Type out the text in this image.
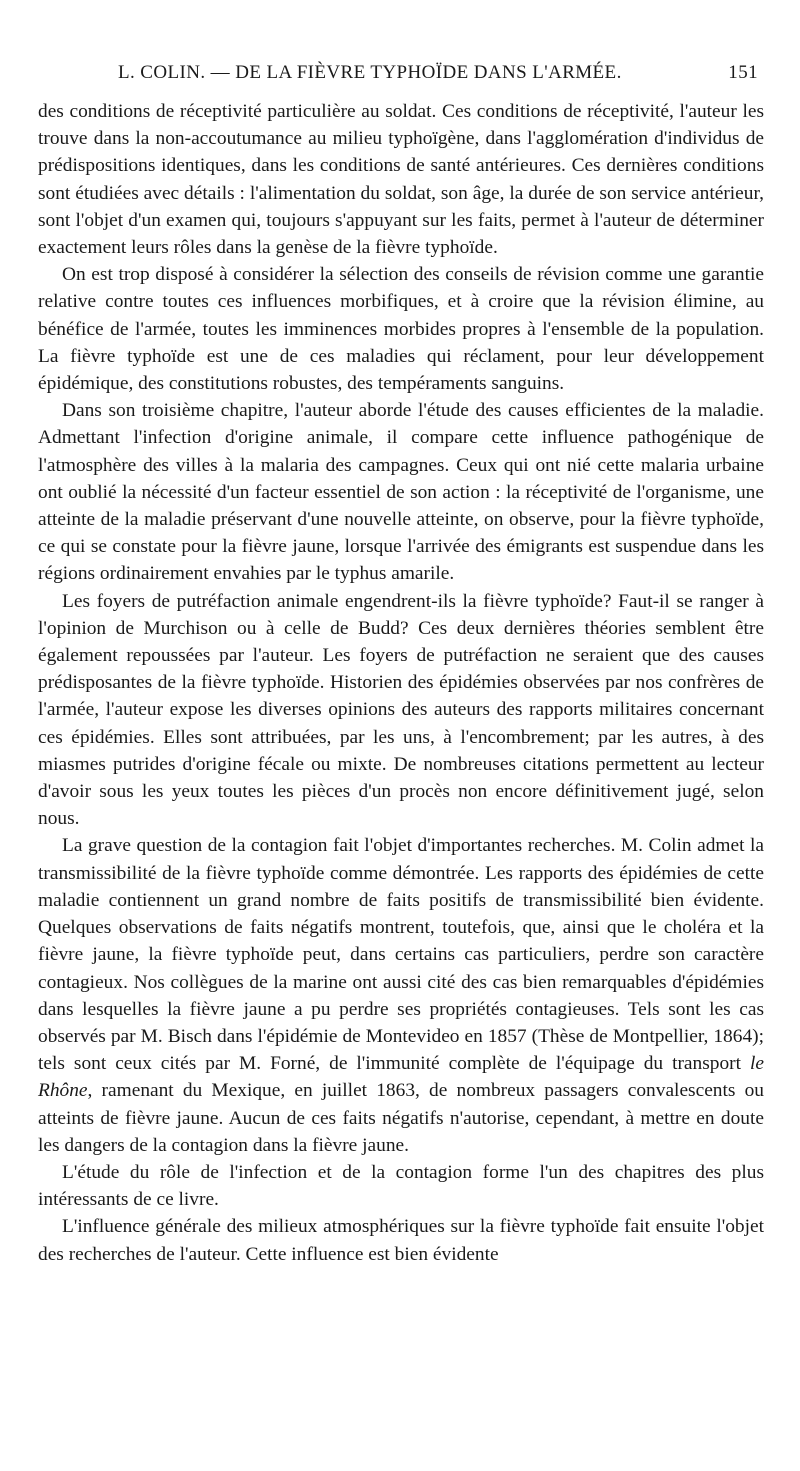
L. COLIN. — DE LA FIÈVRE TYPHOÏDE DANS L'ARMÉE.	151

des conditions de réceptivité particulière au soldat. Ces conditions de réceptivité, l'auteur les trouve dans la non-accoutumance au milieu typhoïgène, dans l'agglomération d'individus de prédispositions identiques, dans les conditions de santé antérieures. Ces dernières conditions sont étudiées avec détails : l'alimentation du soldat, son âge, la durée de son service antérieur, sont l'objet d'un examen qui, toujours s'appuyant sur les faits, permet à l'auteur de déterminer exactement leurs rôles dans la genèse de la fièvre typhoïde.

On est trop disposé à considérer la sélection des conseils de révision comme une garantie relative contre toutes ces influences morbifiques, et à croire que la révision élimine, au bénéfice de l'armée, toutes les imminences morbides propres à l'ensemble de la population. La fièvre typhoïde est une de ces maladies qui réclament, pour leur développement épidémique, des constitutions robustes, des tempéraments sanguins.

Dans son troisième chapitre, l'auteur aborde l'étude des causes efficientes de la maladie. Admettant l'infection d'origine animale, il compare cette influence pathogénique de l'atmosphère des villes à la malaria des campagnes. Ceux qui ont nié cette malaria urbaine ont oublié la nécessité d'un facteur essentiel de son action : la réceptivité de l'organisme, une atteinte de la maladie préservant d'une nouvelle atteinte, on observe, pour la fièvre typhoïde, ce qui se constate pour la fièvre jaune, lorsque l'arrivée des émigrants est suspendue dans les régions ordinairement envahies par le typhus amarile.

Les foyers de putréfaction animale engendrent-ils la fièvre typhoïde? Faut-il se ranger à l'opinion de Murchison ou à celle de Budd? Ces deux dernières théories semblent être également repoussées par l'auteur. Les foyers de putréfaction ne seraient que des causes prédisposantes de la fièvre typhoïde. Historien des épidémies observées par nos confrères de l'armée, l'auteur expose les diverses opinions des auteurs des rapports militaires concernant ces épidémies. Elles sont attribuées, par les uns, à l'encombrement; par les autres, à des miasmes putrides d'origine fécale ou mixte. De nombreuses citations permettent au lecteur d'avoir sous les yeux toutes les pièces d'un procès non encore définitivement jugé, selon nous.

La grave question de la contagion fait l'objet d'importantes recherches. M. Colin admet la transmissibilité de la fièvre typhoïde comme démontrée. Les rapports des épidémies de cette maladie contiennent un grand nombre de faits positifs de transmissibilité bien évidente. Quelques observations de faits négatifs montrent, toutefois, que, ainsi que le choléra et la fièvre jaune, la fièvre typhoïde peut, dans certains cas particuliers, perdre son caractère contagieux. Nos collègues de la marine ont aussi cité des cas bien remarquables d'épidémies dans lesquelles la fièvre jaune a pu perdre ses propriétés contagieuses. Tels sont les cas observés par M. Bisch dans l'épidémie de Montevideo en 1857 (Thèse de Montpellier, 1864); tels sont ceux cités par M. Forné, de l'immunité complète de l'équipage du transport le Rhône, ramenant du Mexique, en juillet 1863, de nombreux passagers convalescents ou atteints de fièvre jaune. Aucun de ces faits négatifs n'autorise, cependant, à mettre en doute les dangers de la contagion dans la fièvre jaune.

L'étude du rôle de l'infection et de la contagion forme l'un des chapitres des plus intéressants de ce livre.

L'influence générale des milieux atmosphériques sur la fièvre typhoïde fait ensuite l'objet des recherches de l'auteur. Cette influence est bien évidente
